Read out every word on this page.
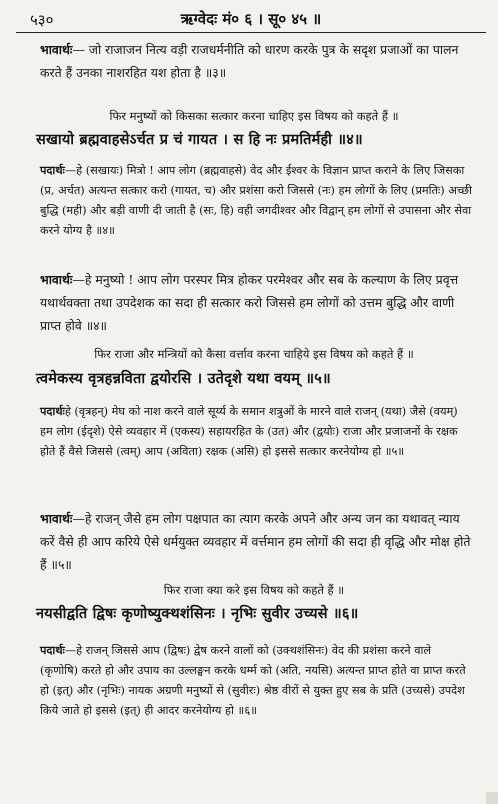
५३०	ऋग्वेदः मं० ६ । सू० ४५ ॥
भावार्थः— जो राजाजन नित्य वड़ी राजधर्मनीति को धारण करके पुत्र के सदृश प्रजाओं का पालन करते हैं उनका नाशरहित यश होता है ॥३॥
फिर मनुष्यों को किसका सत्कार करना चाहिए इस विषय को कहते हैं ॥
सखायो ब्रह्मवाहसेऽर्चत प्र चं गायत । स हि नः प्रमतिर्मही ॥४॥
पदार्थः—हे (सखायः) मित्रो ! आप लोग (ब्रह्मवाहसे) वेद और ईश्वर के विज्ञान प्राप्त कराने के लिए जिसका (प्र, अर्चत) अत्यन्त सत्कार करो (गायत, च) और प्रशंसा करो जिससे (नः) हम लोगों के लिए (प्रमतिः) अच्छी बुद्धि (मही) और बड़ी वाणी दी जाती है (सः, हि) वही जगदीश्वर और विद्वान् हम लोगों से उपासना और सेवा करने योग्य है ॥४॥
भावार्थः—हे मनुष्यो ! आप लोग परस्पर मित्र होकर परमेश्वर और सब के कल्याण के लिए प्रवृत्त यथार्थवक्ता तथा उपदेशक का सदा ही सत्कार करो जिससे हम लोगों को उत्तम बुद्धि और वाणी प्राप्त होवे ॥४॥
फिर राजा और मन्त्रियों को कैसा वर्त्ताव करना चाहिये इस विषय को कहते हैं ॥
त्वमेकस्य वृत्रहन्नविता द्वयोरसि । उतेदृशे यथा वयम् ॥५॥
पदार्थःहे (वृत्रहन्) मेघ को नाश करने वाले सूर्य्य के समान शत्रुओं के मारने वाले राजन् (यथा) जैसे (वयम्) हम लोग (ईदृशे) ऐसे व्यवहार में (एकस्य) सहायरहित के (उत) और (द्वयोः) राजा और प्रजाजनों के रक्षक होते हैं वैसे जिससे (त्वम्) आप (अविता) रक्षक (असि) हो इससे सत्कार करनेयोग्य हो ॥५॥
भावार्थः—हे राजन् जैसे हम लोग पक्षपात का त्याग करके अपने और अन्य जन का यथावत् न्याय करें वैसे ही आप करिये ऐसे धर्मयुक्त व्यवहार में वर्त्तमान हम लोगों की सदा ही वृद्धि और मोक्ष होते हैं ॥५॥
फिर राजा क्या करे इस विषय को कहते हैं ॥
नयसीद्वति द्विषः कृणोष्युक्थशंसिनः । नृभिः सुवीर उच्यसे ॥६॥
पदार्थः—हे राजन् जिससे आप (द्विषः) द्वेष करने वालों को (उक्थशंसिनः) वेद की प्रशंसा करने वाले (कृणोषि) करते हो और उपाय का उल्लङ्घन करके धर्म्म को (अति, नयसि) अत्यन्त प्राप्त होते वा प्राप्त करते हो (इत्) और (नृभिः) नायक अग्रणी मनुष्यों से (सुवीरः) श्रेष्ठ वीरों से युक्त हुए सब के प्रति (उच्यसे) उपदेश किये जाते हो इससे (इत्) ही आदर करनेयोग्य हो ॥६॥
